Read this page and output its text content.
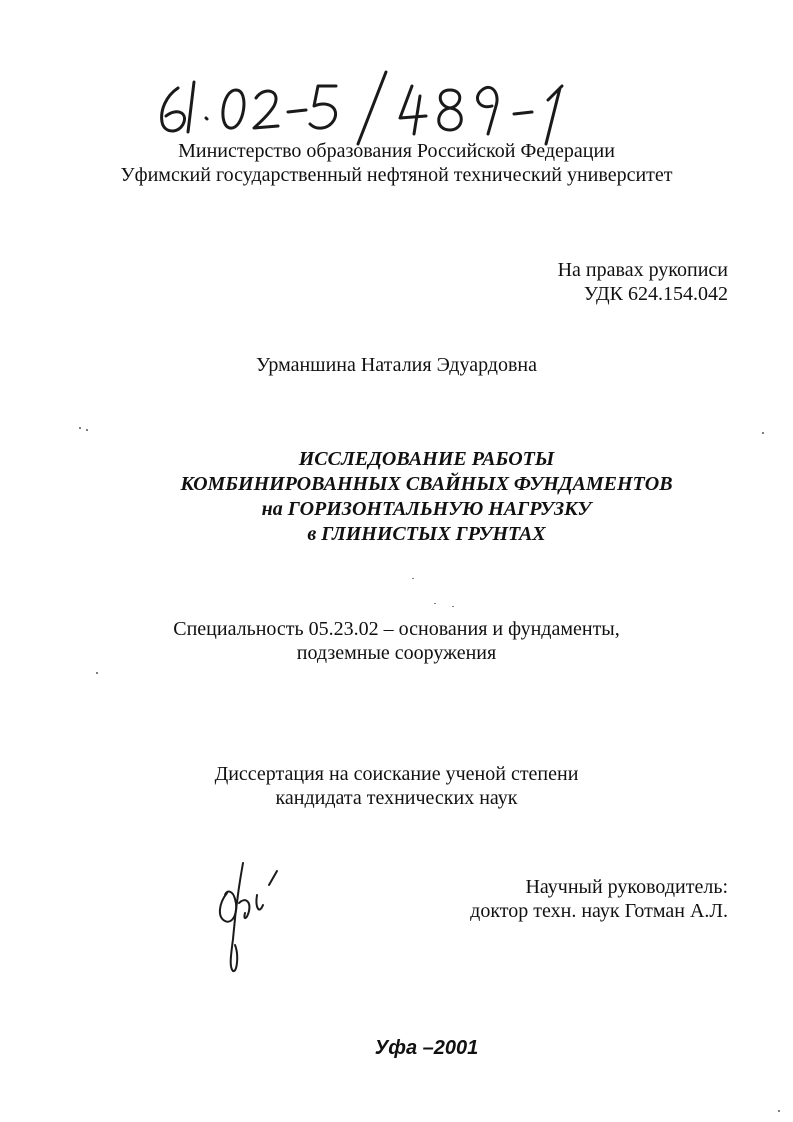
Министерство образования Российской Федерации
Уфимский государственный нефтяной технический университет
На правах рукописи
УДК 624.154.042
Урманшина Наталия Эдуардовна
ИССЛЕДОВАНИЕ РАБОТЫ
КОМБИНИРОВАННЫХ СВАЙНЫХ ФУНДАМЕНТОВ
на ГОРИЗОНТАЛЬНУЮ НАГРУЗКУ
в ГЛИНИСТЫХ ГРУНТАХ
Специальность 05.23.02 – основания и фундаменты,
подземные сооружения
Диссертация на соискание ученой степени
кандидата технических наук
Научный руководитель:
доктор техн. наук Готман А.Л.
Уфа –2001
